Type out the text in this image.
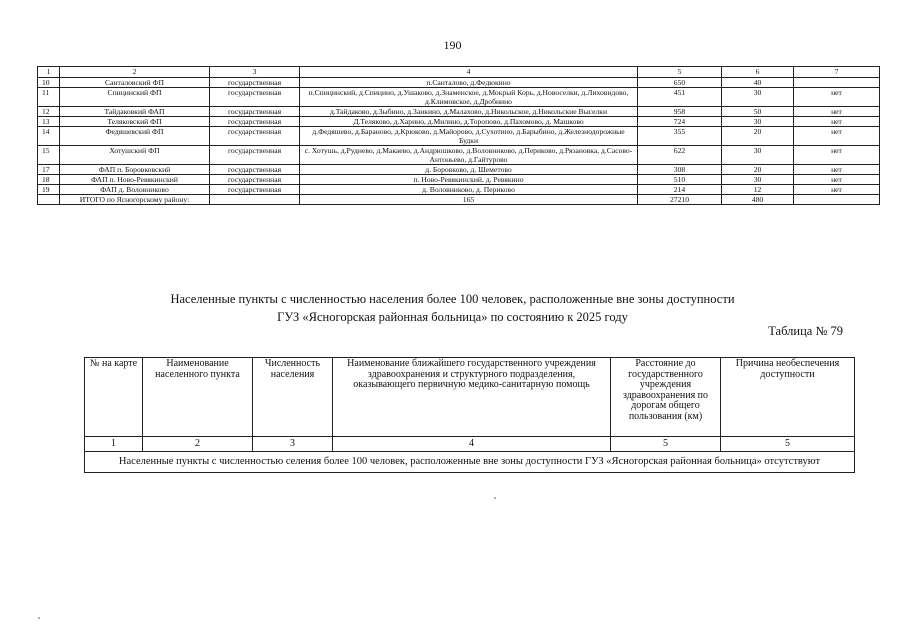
190
1	2	3	4	5	6	7
10	Санталовский ФП	государственная	п.Санталово, д.Федюкино	650	40	
11	Спицинский ФП	государственная	п.Спицинский, д.Спицино, д.Ушаково, д.Знаменское, д.Мокрый Корь, д.Новоселки, д.Лиховидово, д.Климовское, д.Дробнино	451	30	нет
12	Тайдаковкий ФАП	государственная	д.Тайдаково, д.Зыбино, д.Заикино, д.Малахово, д.Никольское, д.Никольские Выселки	958	50	нет
13	Теляковский ФП	государственная	Д.Теляково, д.Харино, д.Милино, д.Торопово, д.Пахомово, д. Машково	724	30	нет
14	Федяшевский ФП	государственная	д.Федяшево, д.Бараново, д.Крюково, д.Майорово, д.Сухотино, д.Барыбино, д.Железнодорожные Будки	355	20	нет
15	Хотушский ФП	государственная	с. Хотушь, д.Руднево, д.Макаево, д.Андрюшково, д.Воловниково, д.Периково, д.Рязановка, д.Сасово-Антоньево, д.Гайтурово	622	30	нет
17	ФАП п. Боровковский	государственная	д. Боровково, д. Шеметово	308	20	нет
18	ФАП п. Ново-Ревякинский	государственная	п. Ново-Ревякинский, д. Ревякино	510	30	нет
19	ФАП д. Воловниково	государственная	д. Воловниково, д. Периково	214	12	нет
	ИТОГО по Ясногорскому району:		165	27210	480	
Населенные пункты с численностью населения более 100 человек, расположенные вне зоны доступности
ГУЗ «Ясногорская районная больница» по состоянию к 2025 году
Таблица № 79
№ на карте	Наименование населенного пункта	Численность населения	Наименование ближайшего государственного учреждения здравоохранения и структурного подразделения, оказывающего первичную медико-санитарную помощь	Расстояние до государственного учреждения здравоохранения по дорогам общего пользования (км)	Причина необеспечения доступности
1	2	3	4	5	5
Населенные пункты с численностью селения более 100 человек, расположенные вне зоны доступности ГУЗ «Ясногорская районная больница» отсутствуют					
